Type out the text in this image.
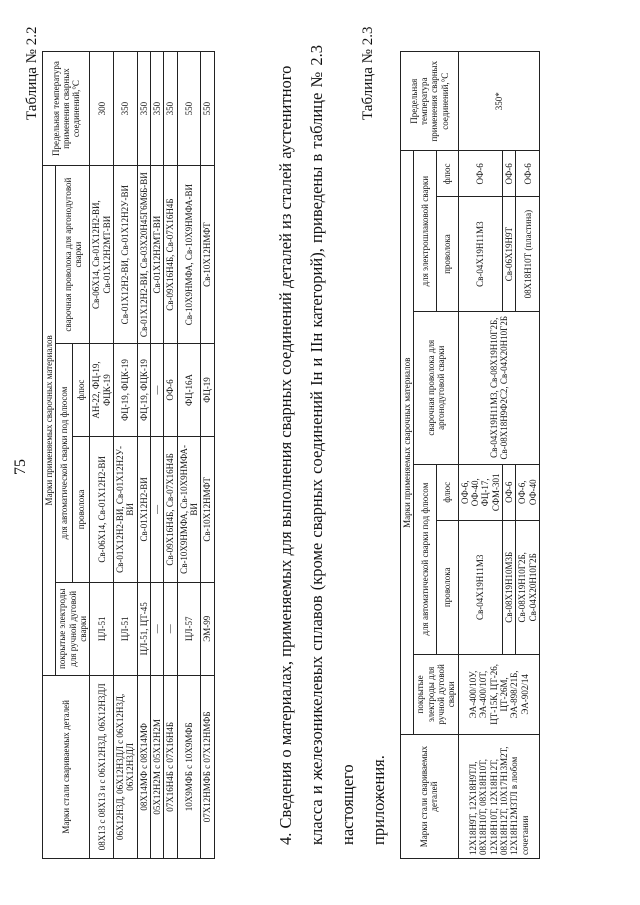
75
Таблица № 2.2
Марки стали свариваемых деталей	Марки применяемых сварочных материалов				Предельная температура применения сварных соединений,°С
	покрытые электроды для ручной дуговой сварки	для автоматической сварки под флюсом		сварочная проволока для аргонодуговой сварки	
		проволока	флюс		
08Х13 с 08Х13 и с 06Х12Н3Д, 06Х12Н3ДЛ	ЦЛ-51	Св-06Х14, Св-01Х12Н2-ВИ	АН-22, ФЦ-19, ФЦК-19	Св-06Х14, Св-01Х12Н2-ВИ, Св-01Х12Н2МТ-ВИ	300
06Х12Н3Д, 06Х12Н3ДЛ с 06Х12Н3Д, 06Х12Н3ДЛ	ЦЛ-51	Св-01Х12Н2-ВИ, Св-01Х12Н2У-ВИ	ФЦ-19, ФЦК-19	Св-01Х12Н2-ВИ, Св-01Х12Н2У-ВИ	350
08Х14МФ с 08Х14МФ	ЦЛ-51, ЦТ-45	Св-01Х12Н2-ВИ	ФЦ-19, ФЦК-19	Св-01Х12Н2-ВИ, Св-03Х20Н45Г6М6Б-ВИ	350
05Х12Н2М с 05Х12Н2М	—	—	—	Св-01Х12Н2МТ-ВИ	350
07Х16Н4Б с 07Х16Н4Б	—	Св-09Х16Н4Б, Св-07Х16Н4Б	ОФ-6	Св-09Х16Н4Б, Св-07Х16Н4Б	350
10Х9МФБ с 10Х9МФБ	ЦЛ-57	Св-10Х9НМФА, Св-10Х9НМФА-ВИ	ФЦ-16А	Св-10Х9НМФА, Св-10Х9НМФА-ВИ	550
07Х12НМФБ с 07Х12НМФБ	ЭМ-99	Св-10Х12НМФТ	ФЦ-19	Св-10Х12НМФТ	550	4. Сведения о материалах, применяемых для выполнения сварных соединений деталей из сталей аустенитного класса и железоникелевых сплавов (кроме сварных соединений Iн и IIн категорий), приведены в таблице № 2.3 настоящего приложения.

Таблица № 2.3
Марки стали свариваемых деталей	Марки применяемых сварочных материалов						Предельная температура применения сварных соединений,°С
	покрытые электроды для ручной дуговой сварки	для автоматической сварки под флюсом		сварочная проволока для аргонодуговой сварки	для электрошлаковой сварки		
		проволока	флюс		проволока	флюс	
12Х18Н9Т, 12Х18Н9ТЛ, 08Х18Н10Т, 08Х18Н10Т, 12Х18Н10Т, 12Х18Н12Т, 08Х18Н12Т, 10Х17Н13М2Т, 12Х18Н12М3ТЛ в любом сочетании	ЭА-400/10У, ЭА-400/10Т, ЦТ-15К, ЦТ-26, ЦТ-26М, ЭА-898/21Б, ЭА-902/14	Св-04Х19Н11М3	ОФ-6, ОФ-40, ФЦ-17, СФМ-301	Св-04Х19Н11М3, Св-08Х19Н10Г2Б, Св-08Х18Н9Ф2С2, Св-04Х20Н10Г2Б	Св-04Х19Н11М3	ОФ-6	350*
		Св-08Х19Н10М3Б	ОФ-6		Св-06Х19Н9Т	ОФ-6	
		Св-08Х19Н10Г2Б, Св-04Х20Н10Г2Б	ОФ-6, ОФ-40		08Х18Н10Т (пластина)	ОФ-6	
